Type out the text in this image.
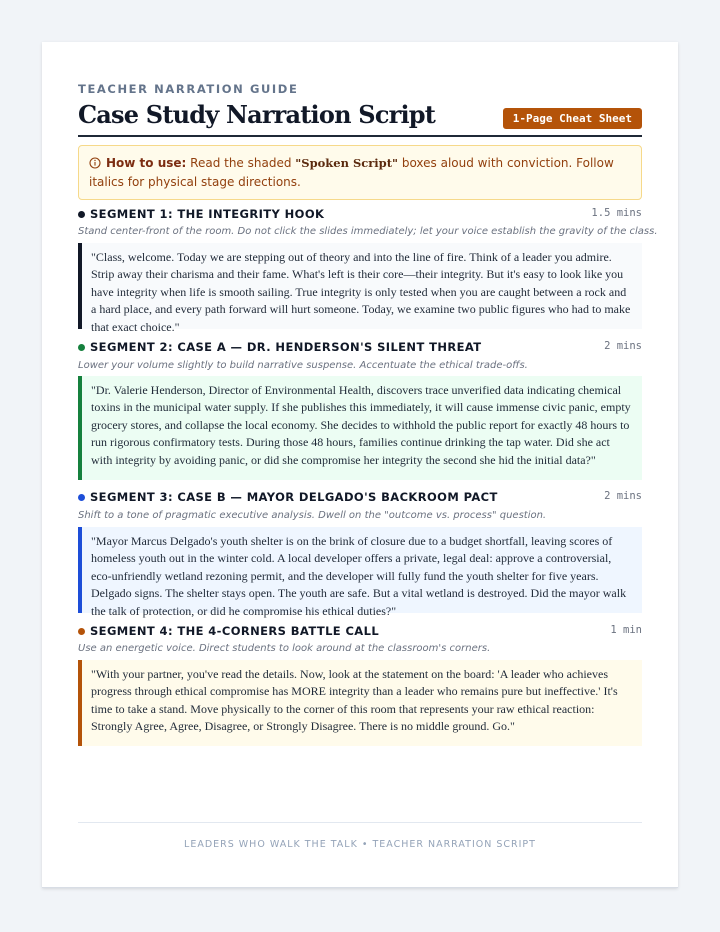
TEACHER NARRATION GUIDE
Case Study Narration Script	1-Page Cheat Sheet
How to use: Read the shaded "Spoken Script" boxes aloud with conviction. Follow italics for physical stage directions.
SEGMENT 1: THE INTEGRITY HOOK	1.5 mins
Stand center-front of the room. Do not click the slides immediately; let your voice establish the gravity of the class.
"Class, welcome. Today we are stepping out of theory and into the line of fire. Think of a leader you admire. Strip away their charisma and their fame. What's left is their core—their integrity. But it's easy to look like you have integrity when life is smooth sailing. True integrity is only tested when you are caught between a rock and a hard place, and every path forward will hurt someone. Today, we examine two public figures who had to make that exact choice."
SEGMENT 2: CASE A — DR. HENDERSON'S SILENT THREAT	2 mins
Lower your volume slightly to build narrative suspense. Accentuate the ethical trade-offs.
"Dr. Valerie Henderson, Director of Environmental Health, discovers trace unverified data indicating chemical toxins in the municipal water supply. If she publishes this immediately, it will cause immense civic panic, empty grocery stores, and collapse the local economy. She decides to withhold the public report for exactly 48 hours to run rigorous confirmatory tests. During those 48 hours, families continue drinking the tap water. Did she act with integrity by avoiding panic, or did she compromise her integrity the second she hid the initial data?"
SEGMENT 3: CASE B — MAYOR DELGADO'S BACKROOM PACT	2 mins
Shift to a tone of pragmatic executive analysis. Dwell on the "outcome vs. process" question.
"Mayor Marcus Delgado's youth shelter is on the brink of closure due to a budget shortfall, leaving scores of homeless youth out in the winter cold. A local developer offers a private, legal deal: approve a controversial, eco-unfriendly wetland rezoning permit, and the developer will fully fund the youth shelter for five years. Delgado signs. The shelter stays open. The youth are safe. But a vital wetland is destroyed. Did the mayor walk the talk of protection, or did he compromise his ethical duties?"
SEGMENT 4: THE 4-CORNERS BATTLE CALL	1 min
Use an energetic voice. Direct students to look around at the classroom's corners.
"With your partner, you've read the details. Now, look at the statement on the board: 'A leader who achieves progress through ethical compromise has MORE integrity than a leader who remains pure but ineffective.' It's time to take a stand. Move physically to the corner of this room that represents your raw ethical reaction: Strongly Agree, Agree, Disagree, or Strongly Disagree. There is no middle ground. Go."
LEADERS WHO WALK THE TALK • TEACHER NARRATION SCRIPT
